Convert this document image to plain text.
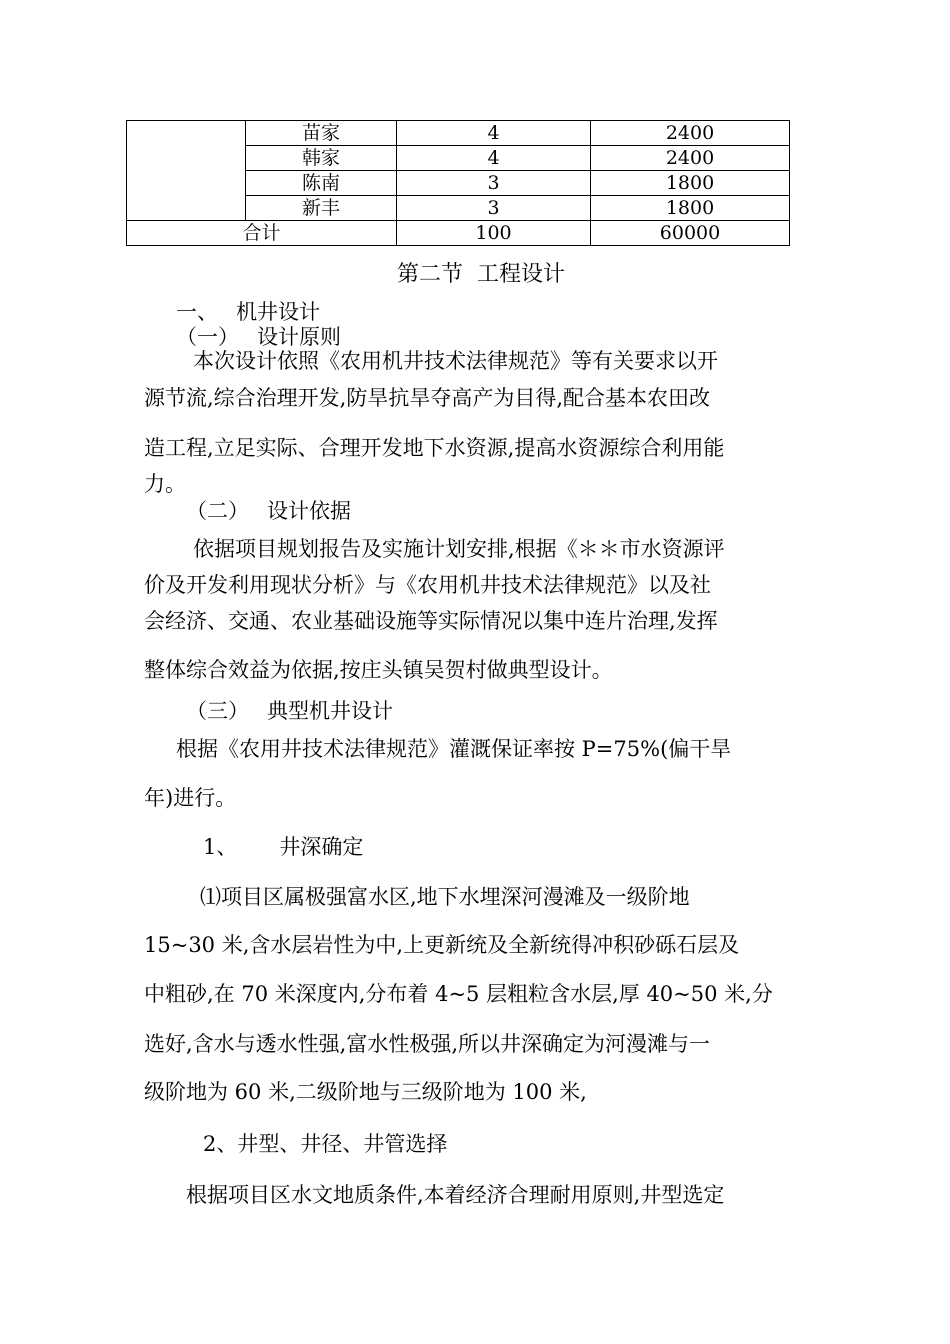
	苗家	4	2400
	韩家	4	2400
	陈南	3	1800
	新丰	3	1800
合计		100	60000
第二节 工程设计
一、 机井设计
（一） 设计原则
本次设计依照《农用机井技术法律规范》等有关要求以开
源节流,综合治理开发,防旱抗旱夺高产为目得,配合基本农田改
造工程,立足实际、合理开发地下水资源,提高水资源综合利用能
力。
（二） 设计依据
依据项目规划报告及实施计划安排,根据《＊＊市水资源评
价及开发利用现状分析》与《农用机井技术法律规范》以及社
会经济、交通、农业基础设施等实际情况以集中连片治理,发挥
整体综合效益为依据,按庄头镇吴贺村做典型设计。
（三） 典型机井设计
根据《农用井技术法律规范》灌溉保证率按 P=75%(偏干旱
年)进行。
1、 井深确定
⑴项目区属极强富水区,地下水埋深河漫滩及一级阶地
15~30 米,含水层岩性为中,上更新统及全新统得冲积砂砾石层及
中粗砂,在 70 米深度内,分布着 4~5 层粗粒含水层,厚 40~50 米,分
选好,含水与透水性强,富水性极强,所以井深确定为河漫滩与一
级阶地为 60 米,二级阶地与三级阶地为 100 米,
2、井型、井径、井管选择
根据项目区水文地质条件,本着经济合理耐用原则,井型选定
